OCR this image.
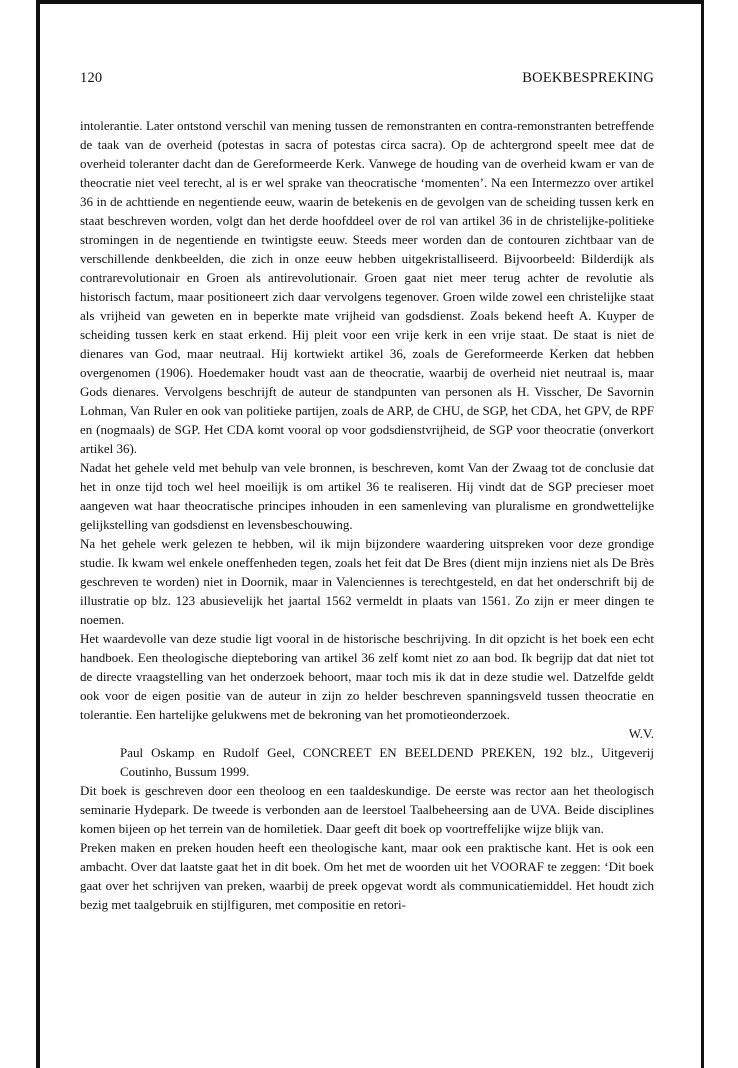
120	BOEKBESPREKING

intolerantie. Later ontstond verschil van mening tussen de remonstranten en contra-remonstranten betreffende de taak van de overheid (potestas in sacra of potestas circa sacra). Op de achtergrond speelt mee dat de overheid toleranter dacht dan de Gereformeerde Kerk. Vanwege de houding van de overheid kwam er van de theocratie niet veel terecht, al is er wel sprake van theocratische ‘momenten’. Na een Intermezzo over artikel 36 in de achttiende en negentiende eeuw, waarin de betekenis en de gevolgen van de scheiding tussen kerk en staat beschreven worden, volgt dan het derde hoofddeel over de rol van artikel 36 in de christelijke-politieke stromingen in de negentiende en twintigste eeuw. Steeds meer worden dan de contouren zichtbaar van de verschillende denkbeelden, die zich in onze eeuw hebben uitgekristalliseerd. Bijvoorbeeld: Bilderdijk als contrarevolutionair en Groen als antirevolutionair. Groen gaat niet meer terug achter de revolutie als historisch factum, maar positioneert zich daar vervolgens tegenover. Groen wilde zowel een christelijke staat als vrijheid van geweten en in beperkte mate vrijheid van godsdienst. Zoals bekend heeft A. Kuyper de scheiding tussen kerk en staat erkend. Hij pleit voor een vrije kerk in een vrije staat. De staat is niet de dienares van God, maar neutraal. Hij kortwiekt artikel 36, zoals de Gereformeerde Kerken dat hebben overgenomen (1906). Hoedemaker houdt vast aan de theocratie, waarbij de overheid niet neutraal is, maar Gods dienares. Vervolgens beschrijft de auteur de standpunten van personen als H. Visscher, De Savornin Lohman, Van Ruler en ook van politieke partijen, zoals de ARP, de CHU, de SGP, het CDA, het GPV, de RPF en (nogmaals) de SGP. Het CDA komt vooral op voor godsdienstvrijheid, de SGP voor theocratie (onverkort artikel 36).

Nadat het gehele veld met behulp van vele bronnen, is beschreven, komt Van der Zwaag tot de conclusie dat het in onze tijd toch wel heel moeilijk is om artikel 36 te realiseren. Hij vindt dat de SGP precieser moet aangeven wat haar theocratische principes inhouden in een samenleving van pluralisme en grondwettelijke gelijkstelling van godsdienst en levensbeschouwing.

Na het gehele werk gelezen te hebben, wil ik mijn bijzondere waardering uitspreken voor deze grondige studie. Ik kwam wel enkele oneffenheden tegen, zoals het feit dat De Bres (dient mijn inziens niet als De Brès geschreven te worden) niet in Doornik, maar in Valenciennes is terechtgesteld, en dat het onderschrift bij de illustratie op blz. 123 abusievelijk het jaartal 1562 vermeldt in plaats van 1561. Zo zijn er meer dingen te noemen.

Het waardevolle van deze studie ligt vooral in de historische beschrijving. In dit opzicht is het boek een echt handboek. Een theologische diepteboring van artikel 36 zelf komt niet zo aan bod. Ik begrijp dat dat niet tot de directe vraagstelling van het onderzoek behoort, maar toch mis ik dat in deze studie wel. Datzelfde geldt ook voor de eigen positie van de auteur in zijn zo helder beschreven spanningsveld tussen theocratie en tolerantie. Een hartelijke gelukwens met de bekroning van het promotieonderzoek.

W.V.

Paul Oskamp en Rudolf Geel, CONCREET EN BEELDEND PREKEN, 192 blz., Uitgeverij Coutinho, Bussum 1999.

Dit boek is geschreven door een theoloog en een taaldeskundige. De eerste was rector aan het theologisch seminarie Hydepark. De tweede is verbonden aan de leerstoel Taalbeheersing aan de UVA. Beide disciplines komen bijeen op het terrein van de homiletiek. Daar geeft dit boek op voortreffelijke wijze blijk van.

Preken maken en preken houden heeft een theologische kant, maar ook een praktische kant. Het is ook een ambacht. Over dat laatste gaat het in dit boek. Om het met de woorden uit het VOORAF te zeggen: ‘Dit boek gaat over het schrijven van preken, waarbij de preek opgevat wordt als communicatiemiddel. Het houdt zich bezig met taalgebruik en stijlfiguren, met compositie en retori-
